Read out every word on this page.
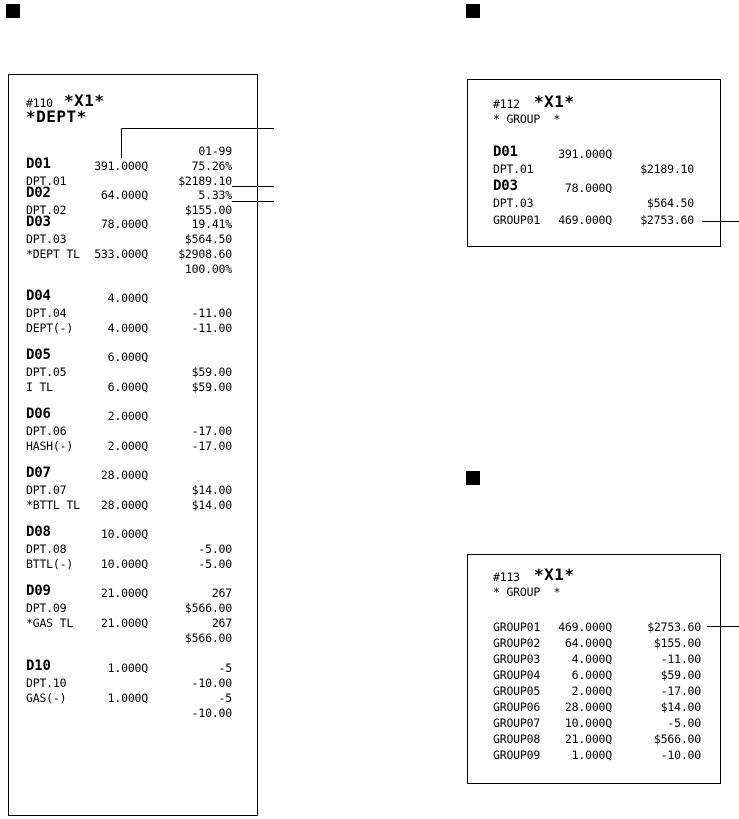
#110 *X1*
*DEPT*
#112 *X1*
* GROUP  *
#113 *X1*
* GROUP  *
01-99
D01	391.000Q	75.26%
DPT.01	$2189.10
D02	64.000Q	5.33%
DPT.02	$155.00
D03	78.000Q	19.41%
DPT.03	$564.50
*DEPT TL	533.000Q	$2908.60
100.00%
D04	4.000Q
DPT.04	-11.00
DEPT(-)	4.000Q	-11.00
D05	6.000Q
DPT.05	$59.00
I TL	6.000Q	$59.00
D06	2.000Q
DPT.06	-17.00
HASH(-)	2.000Q	-17.00
D07	28.000Q
DPT.07	$14.00
*BTTL TL	28.000Q	$14.00
D08	10.000Q
DPT.08	-5.00
BTTL(-)	10.000Q	-5.00
D09	21.000Q	267
DPT.09	$566.00
*GAS TL	21.000Q	267
$566.00
D10	1.000Q	-5
DPT.10	-10.00
GAS(-)	1.000Q	-5
-10.00
D01	391.000Q
DPT.01	$2189.10
D03	78.000Q
DPT.03	$564.50
GROUP01	469.000Q	$2753.60
GROUP01	469.000Q	$2753.60
GROUP02	64.000Q	$155.00
GROUP03	4.000Q	-11.00
GROUP04	6.000Q	$59.00
GROUP05	2.000Q	-17.00
GROUP06	28.000Q	$14.00
GROUP07	10.000Q	-5.00
GROUP08	21.000Q	$566.00
GROUP09	1.000Q	-10.00
